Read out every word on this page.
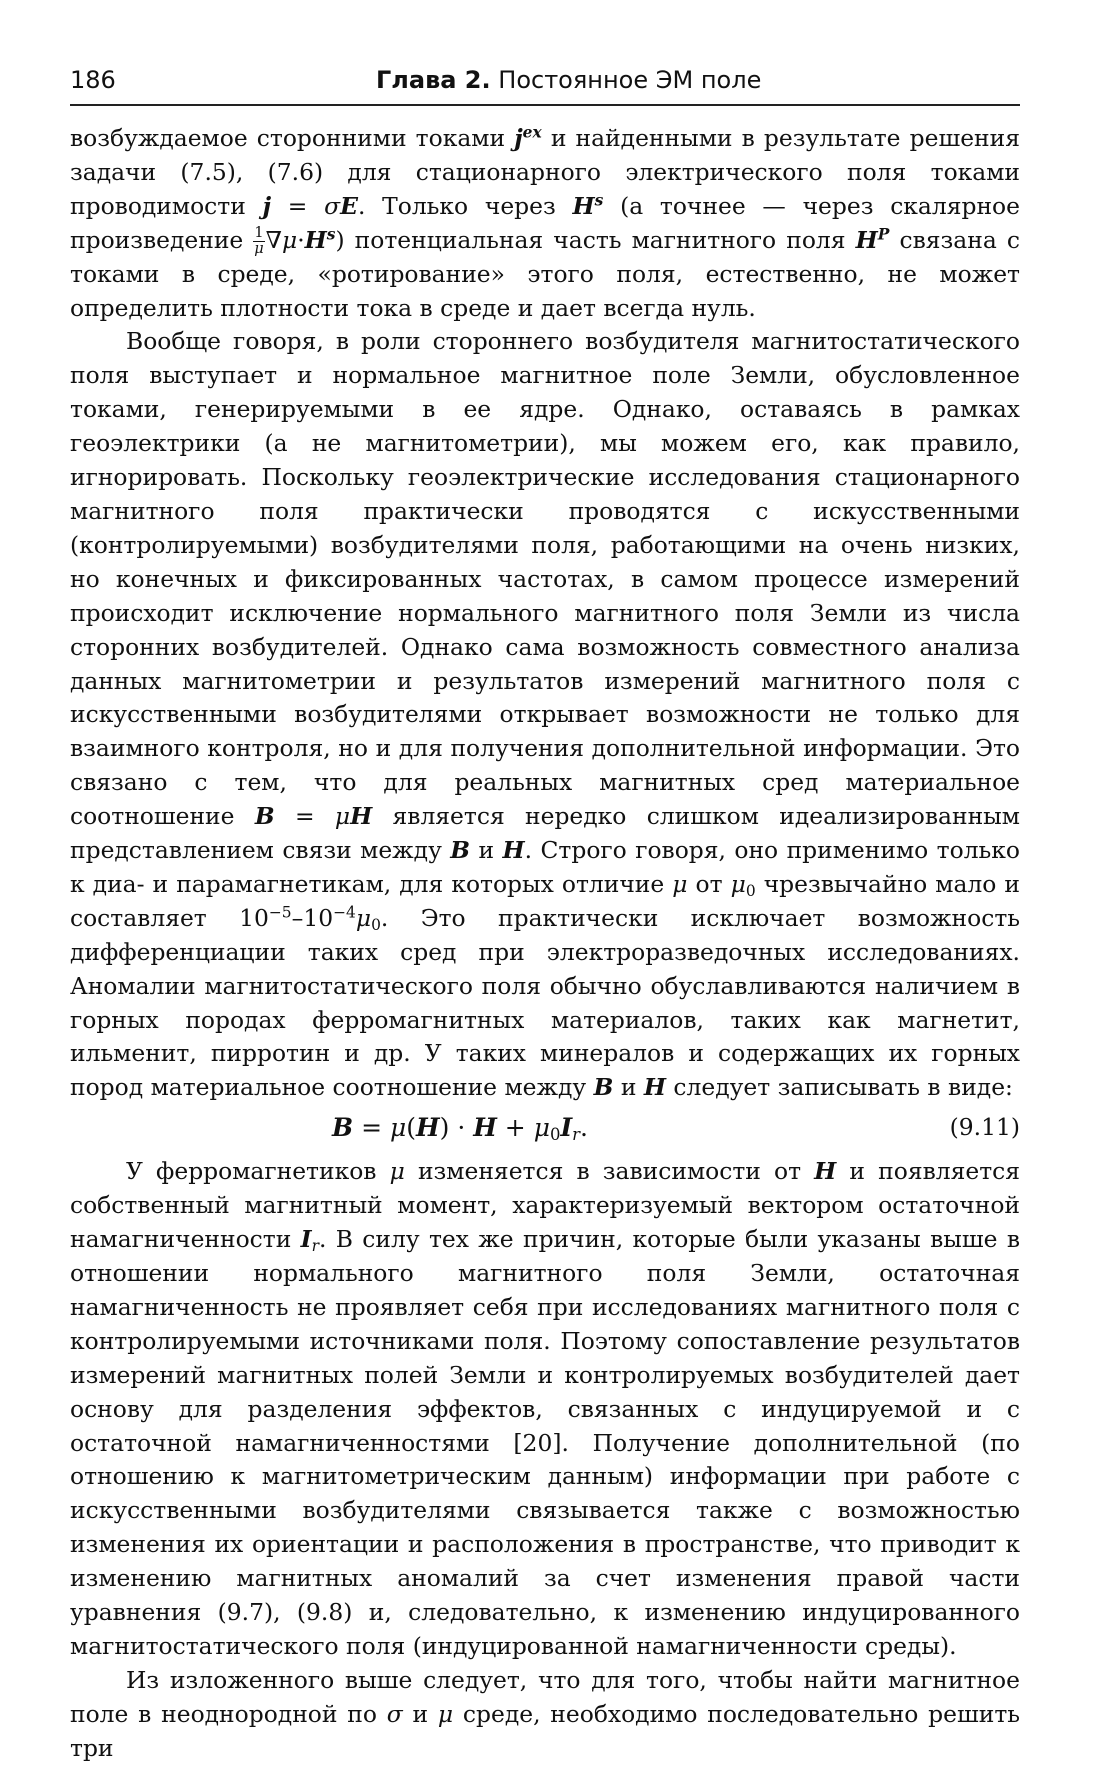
186	Глава 2. Постоянное ЭМ поле

возбуждаемое сторонними токами $j^{ex}$ и найденными в результате решения задачи (7.5), (7.6) для стационарного электрического поля токами проводимости j = σE. Только через $H^s$ (а точнее — через скалярное произведение $\frac{1}{\mu} \nabla\mu\cdot H^s$) потенциальная часть магнитного поля $H^P$ связана с токами в среде, «ротирование» этого поля, естественно, не может определить плотности тока в среде и дает всегда нуль.

Вообще говоря, в роли стороннего возбудителя магнитостатического поля выступает и нормальное магнитное поле Земли, обусловленное токами, генерируемыми в ее ядре. Однако, оставаясь в рамках геоэлектрики (а не магнитометрии), мы можем его, как правило, игнорировать. Поскольку геоэлектрические исследования стационарного магнитного поля практически проводятся с искусственными (контролируемыми) возбудителями поля, работающими на очень низких, но конечных и фиксированных частотах, в самом процессе измерений происходит исключение нормального магнитного поля Земли из числа сторонних возбудителей. Однако сама возможность совместного анализа данных магнитометрии и результатов измерений магнитного поля с искусственными возбудителями открывает возможности не только для взаимного контроля, но и для получения дополнительной информации. Это связано с тем, что для реальных магнитных сред материальное соотношение B = μH является нередко слишком идеализированным представлением связи между B и H. Строго говоря, оно применимо только к диа- и парамагнетикам, для которых отличие μ от $\mu_0$ чрезвычайно мало и составляет $10^{-5}-10^{-4}\mu_0$. Это практически исключает возможность дифференциации таких сред при электроразведочных исследованиях. Аномалии магнитостатического поля обычно обуславливаются наличием в горных породах ферромагнитных материалов, таких как магнетит, ильменит, пирротин и др. У таких минералов и содержащих их горных пород материальное соотношение между B и H следует записывать в виде:

$B = \mu(H) \cdot H + \mu_0I_r$.	(9.11)

У ферромагнетиков μ изменяется в зависимости от H и появляется собственный магнитный момент, характеризуемый вектором остаточной намагниченности $I_r$. В силу тех же причин, которые были указаны выше в отношении нормального магнитного поля Земли, остаточная намагниченность не проявляет себя при исследованиях магнитного поля с контролируемыми источниками поля. Поэтому сопоставление результатов измерений магнитных полей Земли и контролируемых возбудителей дает основу для разделения эффектов, связанных с индуцируемой и с остаточной намагниченностями [20]. Получение дополнительной (по отношению к магнитометрическим данным) информации при работе с искусственными возбудителями связывается также с возможностью изменения их ориентации и расположения в пространстве, что приводит к изменению магнитных аномалий за счет изменения правой части уравнения (9.7), (9.8) и, следовательно, к изменению индуцированного магнитостатического поля (индуцированной намагниченности среды).

Из изложенного выше следует, что для того, чтобы найти магнитное поле в неоднородной по σ и μ среде, необходимо последовательно решить три
